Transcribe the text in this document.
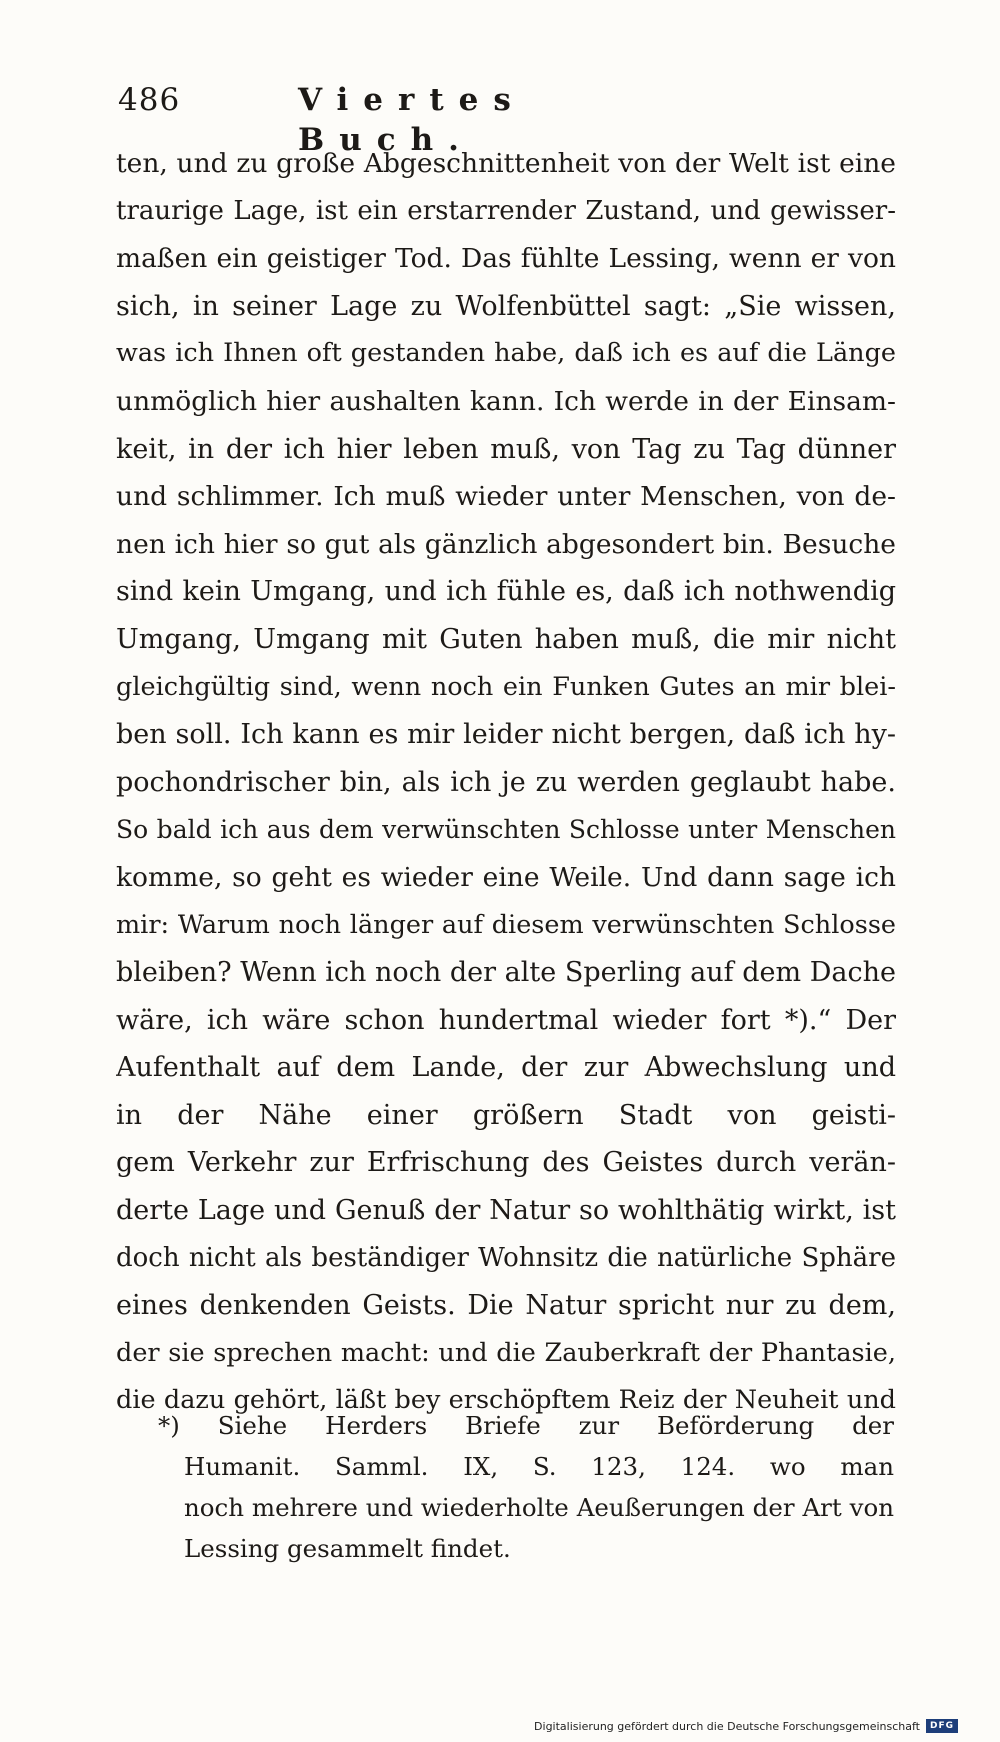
486	Viertes Buch.
ten, und zu große Abgeschnittenheit von der Welt ist eine
traurige Lage, ist ein erstarrender Zustand, und gewisser-
maßen ein geistiger Tod. Das fühlte Lessing, wenn er von
sich, in seiner Lage zu Wolfenbüttel sagt: „Sie wissen,
was ich Ihnen oft gestanden habe, daß ich es auf die Länge
unmöglich hier aushalten kann. Ich werde in der Einsam-
keit, in der ich hier leben muß, von Tag zu Tag dünner
und schlimmer. Ich muß wieder unter Menschen, von de-
nen ich hier so gut als gänzlich abgesondert bin. Besuche
sind kein Umgang, und ich fühle es, daß ich nothwendig
Umgang, Umgang mit Guten haben muß, die mir nicht
gleichgültig sind, wenn noch ein Funken Gutes an mir blei-
ben soll. Ich kann es mir leider nicht bergen, daß ich hy-
pochondrischer bin, als ich je zu werden geglaubt habe.
So bald ich aus dem verwünschten Schlosse unter Menschen
komme, so geht es wieder eine Weile. Und dann sage ich
mir: Warum noch länger auf diesem verwünschten Schlosse
bleiben? Wenn ich noch der alte Sperling auf dem Dache
wäre, ich wäre schon hundertmal wieder fort *).“ Der
Aufenthalt auf dem Lande, der zur Abwechslung und
in der Nähe einer größern Stadt von geisti-
gem Verkehr zur Erfrischung des Geistes durch verän-
derte Lage und Genuß der Natur so wohlthätig wirkt, ist
doch nicht als beständiger Wohnsitz die natürliche Sphäre
eines denkenden Geists. Die Natur spricht nur zu dem,
der sie sprechen macht: und die Zauberkraft der Phantasie,
die dazu gehört, läßt bey erschöpftem Reiz der Neuheit und
*) Siehe Herders Briefe zur Beförderung der
Humanit. Samml. IX, S. 123, 124. wo man
noch mehrere und wiederholte Aeußerungen der Art von
Lessing gesammelt findet.
Digitalisierung gefördert durch die Deutsche Forschungsgemeinschaft	DFG
